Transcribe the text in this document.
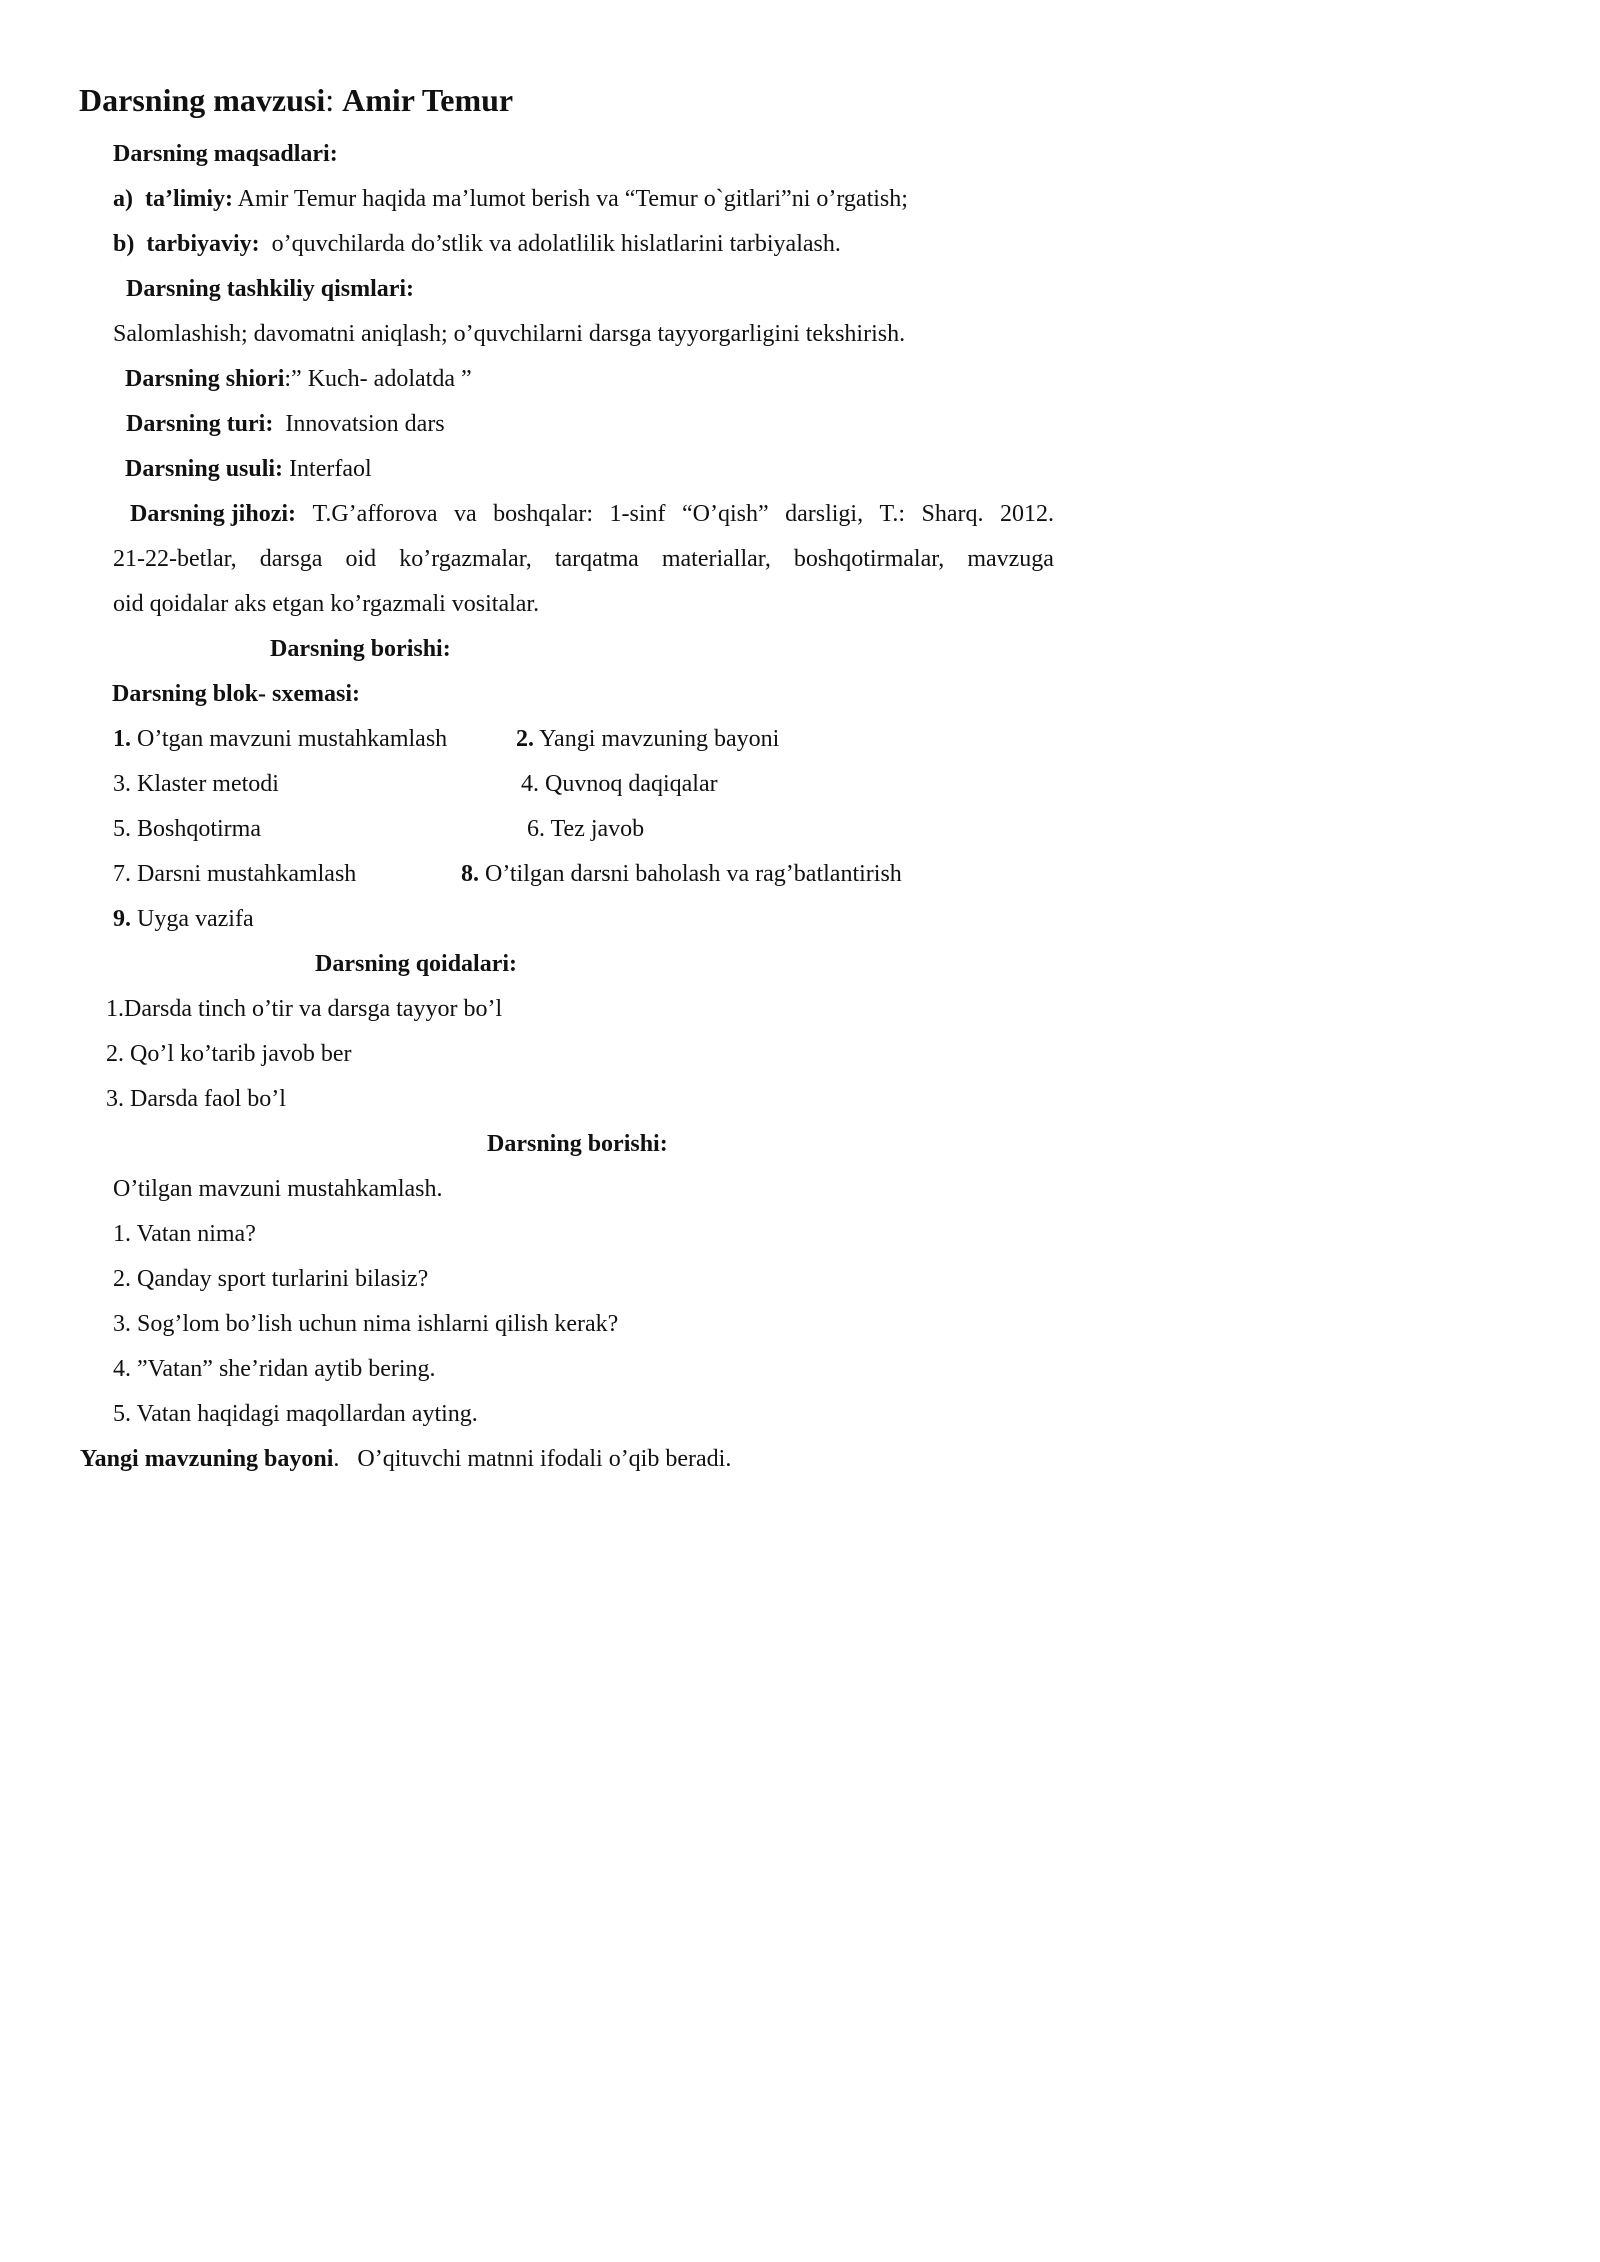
Darsning mavzusi: Amir Temur
Darsning maqsadlari:
a) ta’limiy: Amir Temur haqida ma’lumot berish va “Temur o`gitlari”ni o’rgatish;
b) tarbiyaviy: o’quvchilarda do’stlik va adolatlilik hislatlarini tarbiyalash.
Darsning tashkiliy qismlari:
Salomlashish; davomatni aniqlash; o’quvchilarni darsga tayyorgarligini tekshirish.
Darsning shiori:” Kuch- adolatda ”
Darsning turi: Innovatsion dars
Darsning usuli: Interfaol
Darsning jihozi: T.G’afforova va boshqalar: 1-sinf “O’qish” darsligi, T.: Sharq. 2012.
21-22-betlar, darsga oid ko’rgazmalar, tarqatma materiallar, boshqotirmalar, mavzuga
oid qoidalar aks etgan ko’rgazmali vositalar.
Darsning borishi:
Darsning blok- sxemasi:
1. O’tgan mavzuni mustahkamlash	2. Yangi mavzuning bayoni
3. Klaster metodi	4. Quvnoq daqiqalar
5. Boshqotirma	6. Tez javob
7. Darsni mustahkamlash	8. O’tilgan darsni baholash va rag’batlantirish
9. Uyga vazifa
Darsning qoidalari:
1.Darsda tinch o’tir va darsga tayyor bo’l
2. Qo’l ko’tarib javob ber
3. Darsda faol bo’l
Darsning borishi:
O’tilgan mavzuni mustahkamlash.
1. Vatan nima?
2. Qanday sport turlarini bilasiz?
3. Sog’lom bo’lish uchun nima ishlarni qilish kerak?
4. ”Vatan” she’ridan aytib bering.
5. Vatan haqidagi maqollardan ayting.
Yangi mavzuning bayoni. O’qituvchi matnni ifodali o’qib beradi.
